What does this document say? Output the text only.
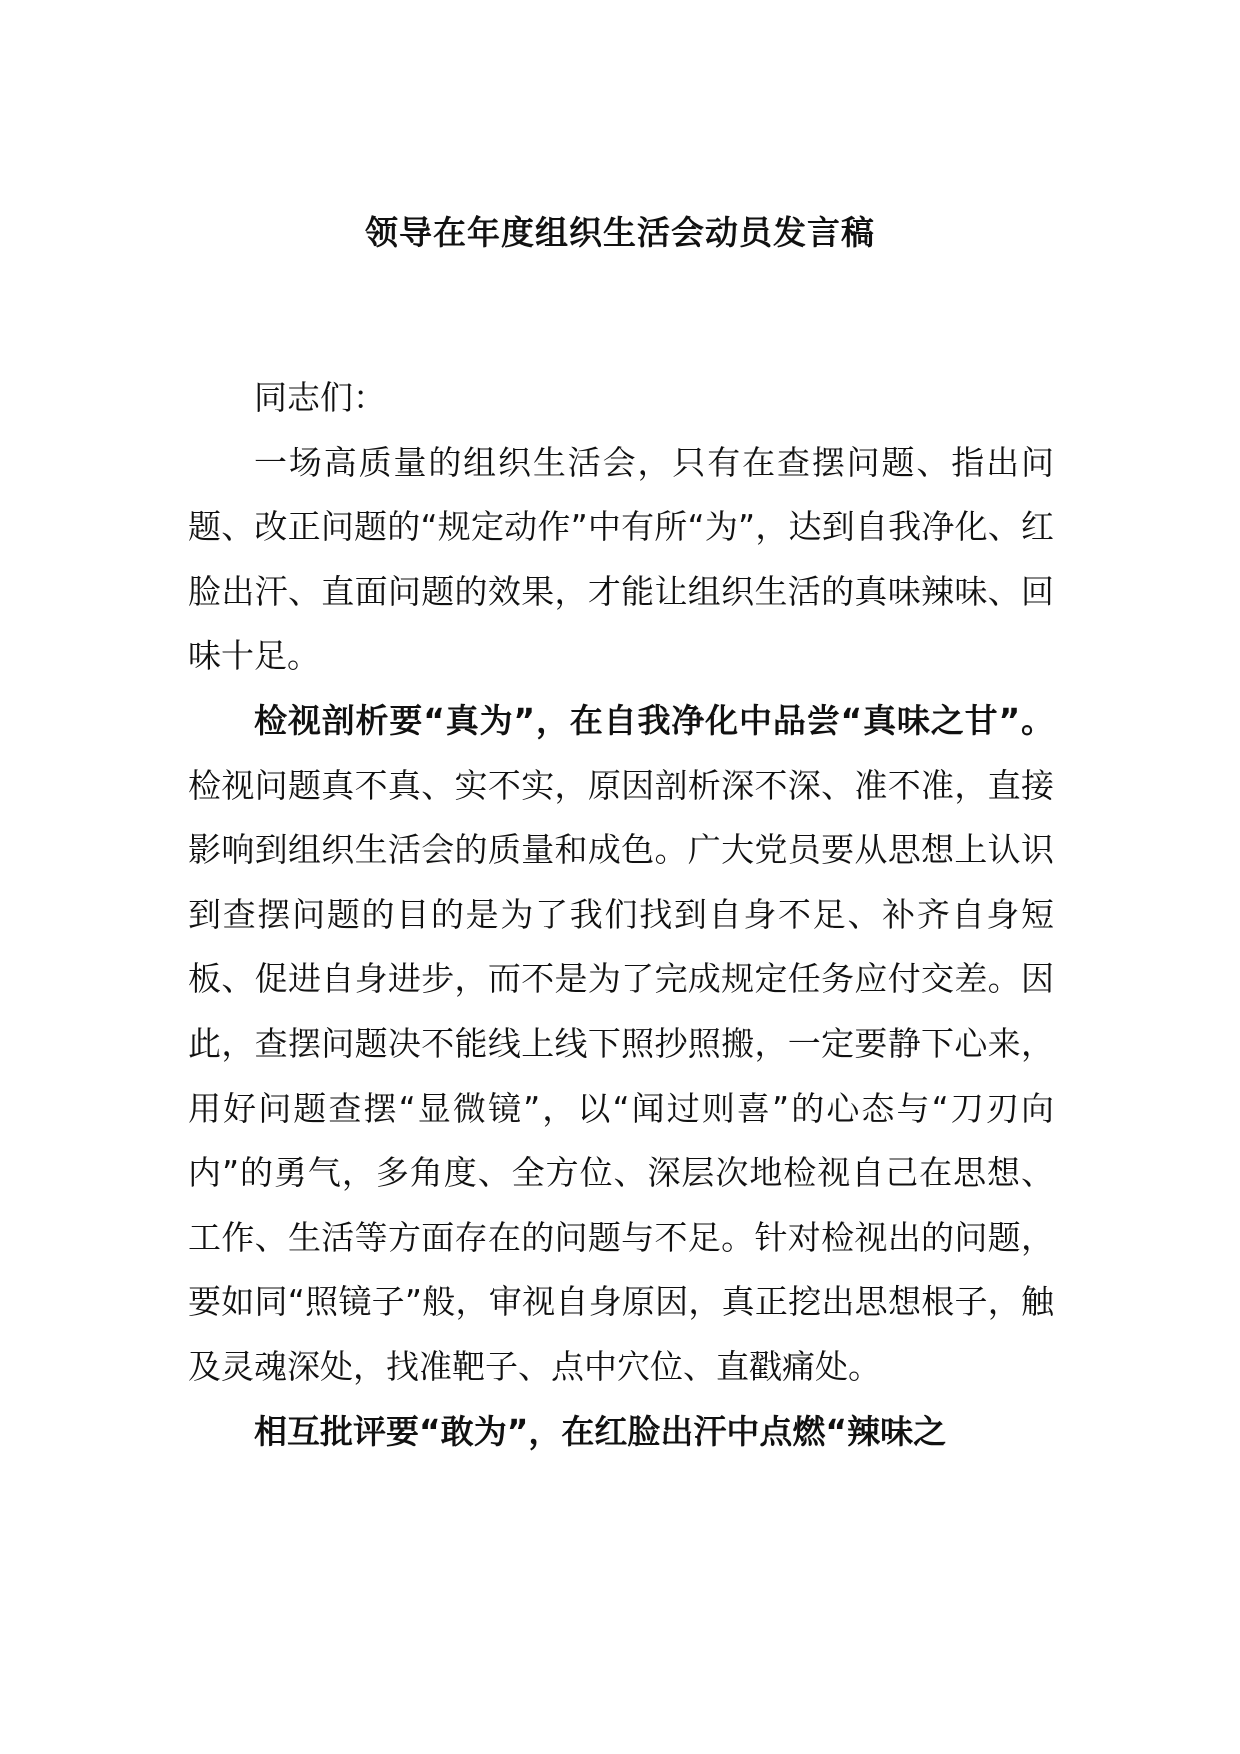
领导在年度组织生活会动员发言稿

同志们：

一场高质量的组织生活会，只有在查摆问题、指出问题、改正问题的“规定动作”中有所“为”，达到自我净化、红脸出汗、直面问题的效果，才能让组织生活的真味辣味、回味十足。

检视剖析要“真为”，在自我净化中品尝“真味之甘”。检视问题真不真、实不实，原因剖析深不深、准不准，直接影响到组织生活会的质量和成色。广大党员要从思想上认识到查摆问题的目的是为了我们找到自身不足、补齐自身短板、促进自身进步，而不是为了完成规定任务应付交差。因此，查摆问题决不能线上线下照抄照搬，一定要静下心来，用好问题查摆“显微镜”，以“闻过则喜”的心态与“刀刃向内”的勇气，多角度、全方位、深层次地检视自己在思想、工作、生活等方面存在的问题与不足。针对检视出的问题，要如同“照镜子”般，审视自身原因，真正挖出思想根子，触及灵魂深处，找准靶子、点中穴位、直戳痛处。

相互批评要“敢为”，在红脸出汗中点燃“辣味之
